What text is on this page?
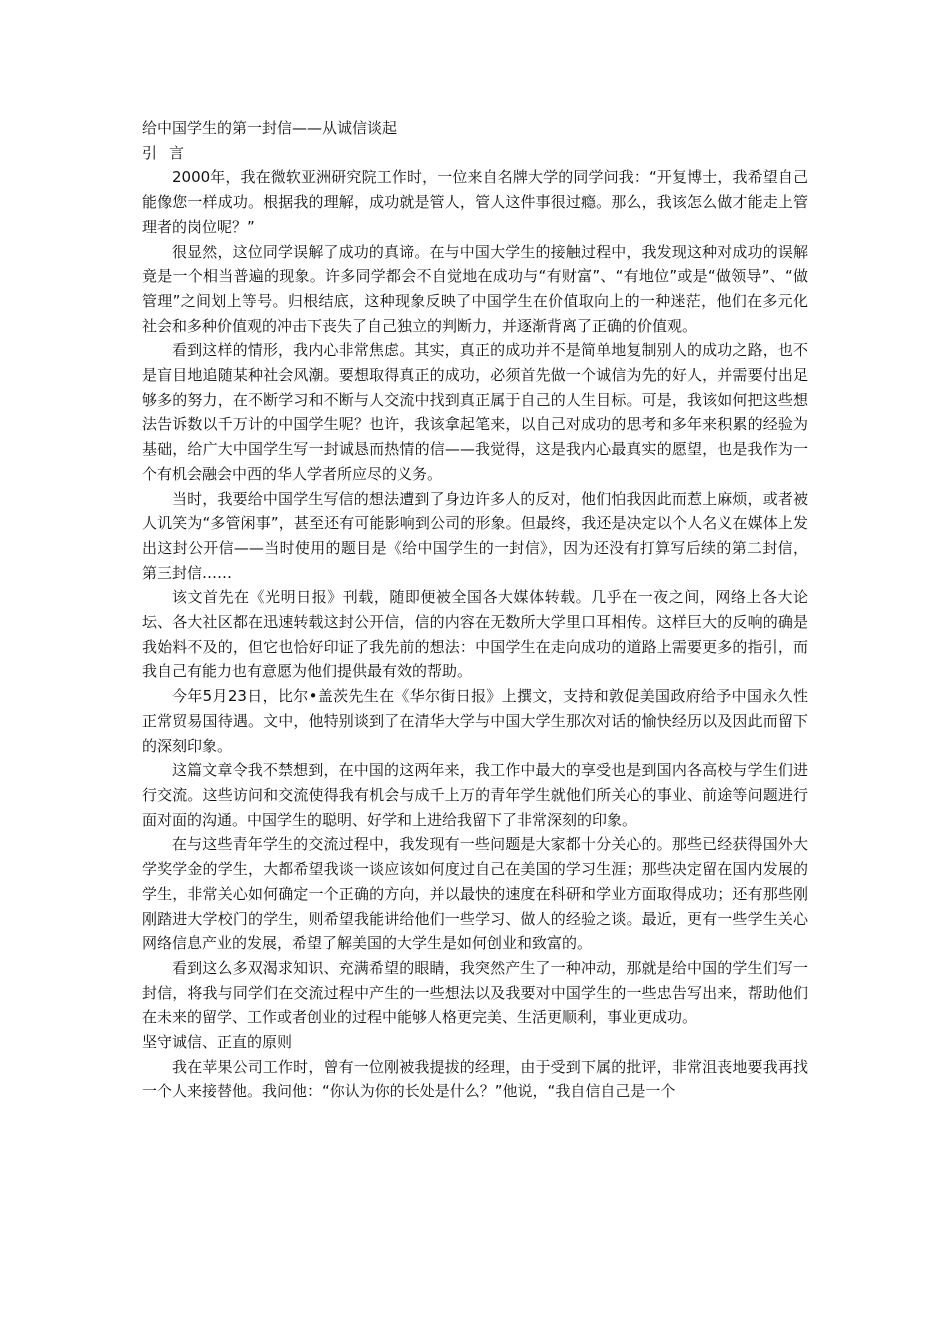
给中国学生的第一封信——从诚信谈起

引言

2000年，我在微软亚洲研究院工作时，一位来自名牌大学的同学问我：“开复博士，我希望自己能像您一样成功。根据我的理解，成功就是管人，管人这件事很过瘾。那么，我该怎么做才能走上管理者的岗位呢？”

很显然，这位同学误解了成功的真谛。在与中国大学生的接触过程中，我发现这种对成功的误解竟是一个相当普遍的现象。许多同学都会不自觉地在成功与“有财富”、“有地位”或是“做领导”、“做管理”之间划上等号。归根结底，这种现象反映了中国学生在价值取向上的一种迷茫，他们在多元化社会和多种价值观的冲击下丧失了自己独立的判断力，并逐渐背离了正确的价值观。

看到这样的情形，我内心非常焦虑。其实，真正的成功并不是简单地复制别人的成功之路，也不是盲目地追随某种社会风潮。要想取得真正的成功，必须首先做一个诚信为先的好人，并需要付出足够多的努力，在不断学习和不断与人交流中找到真正属于自己的人生目标。可是，我该如何把这些想法告诉数以千万计的中国学生呢？也许，我该拿起笔来，以自己对成功的思考和多年来积累的经验为基础，给广大中国学生写一封诚恳而热情的信——我觉得，这是我内心最真实的愿望，也是我作为一个有机会融会中西的华人学者所应尽的义务。

当时，我要给中国学生写信的想法遭到了身边许多人的反对，他们怕我因此而惹上麻烦，或者被人讥笑为“多管闲事”，甚至还有可能影响到公司的形象。但最终，我还是决定以个人名义在媒体上发出这封公开信——当时使用的题目是《给中国学生的一封信》，因为还没有打算写后续的第二封信，第三封信……

该文首先在《光明日报》刊载，随即便被全国各大媒体转载。几乎在一夜之间，网络上各大论坛、各大社区都在迅速转载这封公开信，信的内容在无数所大学里口耳相传。这样巨大的反响的确是我始料不及的，但它也恰好印证了我先前的想法：中国学生在走向成功的道路上需要更多的指引，而我自己有能力也有意愿为他们提供最有效的帮助。

今年5月23日，比尔•盖茨先生在《华尔街日报》上撰文，支持和敦促美国政府给予中国永久性正常贸易国待遇。文中，他特别谈到了在清华大学与中国大学生那次对话的愉快经历以及因此而留下的深刻印象。

这篇文章令我不禁想到，在中国的这两年来，我工作中最大的享受也是到国内各高校与学生们进行交流。这些访问和交流使得我有机会与成千上万的青年学生就他们所关心的事业、前途等问题进行面对面的沟通。中国学生的聪明、好学和上进给我留下了非常深刻的印象。

在与这些青年学生的交流过程中，我发现有一些问题是大家都十分关心的。那些已经获得国外大学奖学金的学生，大都希望我谈一谈应该如何度过自己在美国的学习生涯；那些决定留在国内发展的学生，非常关心如何确定一个正确的方向，并以最快的速度在科研和学业方面取得成功；还有那些刚刚踏进大学校门的学生，则希望我能讲给他们一些学习、做人的经验之谈。最近，更有一些学生关心网络信息产业的发展，希望了解美国的大学生是如何创业和致富的。

看到这么多双渴求知识、充满希望的眼睛，我突然产生了一种冲动，那就是给中国的学生们写一封信，将我与同学们在交流过程中产生的一些想法以及我要对中国学生的一些忠告写出来，帮助他们在未来的留学、工作或者创业的过程中能够人格更完美、生活更顺利，事业更成功。

坚守诚信、正直的原则

我在苹果公司工作时，曾有一位刚被我提拔的经理，由于受到下属的批评，非常沮丧地要我再找一个人来接替他。我问他：“你认为你的长处是什么？”他说，“我自信自己是一个
